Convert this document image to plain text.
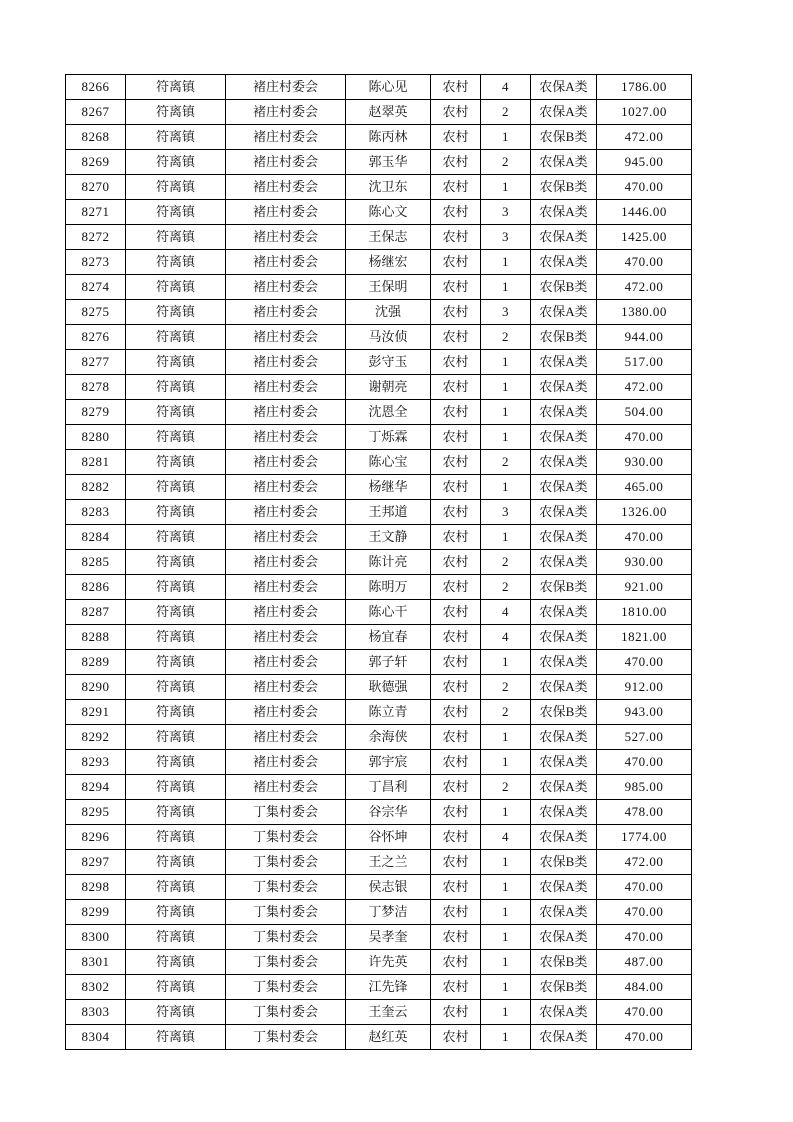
8266	符离镇	褚庄村委会	陈心见	农村	4	农保A类	1786.00
8267	符离镇	褚庄村委会	赵翠英	农村	2	农保A类	1027.00
8268	符离镇	褚庄村委会	陈丙林	农村	1	农保B类	472.00
8269	符离镇	褚庄村委会	郭玉华	农村	2	农保A类	945.00
8270	符离镇	褚庄村委会	沈卫东	农村	1	农保B类	470.00
8271	符离镇	褚庄村委会	陈心文	农村	3	农保A类	1446.00
8272	符离镇	褚庄村委会	王保志	农村	3	农保A类	1425.00
8273	符离镇	褚庄村委会	杨继宏	农村	1	农保A类	470.00
8274	符离镇	褚庄村委会	王保明	农村	1	农保B类	472.00
8275	符离镇	褚庄村委会	沈强	农村	3	农保A类	1380.00
8276	符离镇	褚庄村委会	马汝侦	农村	2	农保B类	944.00
8277	符离镇	褚庄村委会	彭守玉	农村	1	农保A类	517.00
8278	符离镇	褚庄村委会	谢朝亮	农村	1	农保A类	472.00
8279	符离镇	褚庄村委会	沈恩全	农村	1	农保A类	504.00
8280	符离镇	褚庄村委会	丁烁霖	农村	1	农保A类	470.00
8281	符离镇	褚庄村委会	陈心宝	农村	2	农保A类	930.00
8282	符离镇	褚庄村委会	杨继华	农村	1	农保A类	465.00
8283	符离镇	褚庄村委会	王邦道	农村	3	农保A类	1326.00
8284	符离镇	褚庄村委会	王文静	农村	1	农保A类	470.00
8285	符离镇	褚庄村委会	陈计亮	农村	2	农保A类	930.00
8286	符离镇	褚庄村委会	陈明万	农村	2	农保B类	921.00
8287	符离镇	褚庄村委会	陈心干	农村	4	农保A类	1810.00
8288	符离镇	褚庄村委会	杨宜春	农村	4	农保A类	1821.00
8289	符离镇	褚庄村委会	郭子轩	农村	1	农保A类	470.00
8290	符离镇	褚庄村委会	耿德强	农村	2	农保A类	912.00
8291	符离镇	褚庄村委会	陈立青	农村	2	农保B类	943.00
8292	符离镇	褚庄村委会	余海侠	农村	1	农保A类	527.00
8293	符离镇	褚庄村委会	郭宇宸	农村	1	农保A类	470.00
8294	符离镇	褚庄村委会	丁昌利	农村	2	农保A类	985.00
8295	符离镇	丁集村委会	谷宗华	农村	1	农保A类	478.00
8296	符离镇	丁集村委会	谷怀坤	农村	4	农保A类	1774.00
8297	符离镇	丁集村委会	王之兰	农村	1	农保B类	472.00
8298	符离镇	丁集村委会	侯志银	农村	1	农保A类	470.00
8299	符离镇	丁集村委会	丁梦洁	农村	1	农保A类	470.00
8300	符离镇	丁集村委会	吴孝奎	农村	1	农保A类	470.00
8301	符离镇	丁集村委会	许先英	农村	1	农保B类	487.00
8302	符离镇	丁集村委会	江先锋	农村	1	农保B类	484.00
8303	符离镇	丁集村委会	王奎云	农村	1	农保A类	470.00
8304	符离镇	丁集村委会	赵红英	农村	1	农保A类	470.00
